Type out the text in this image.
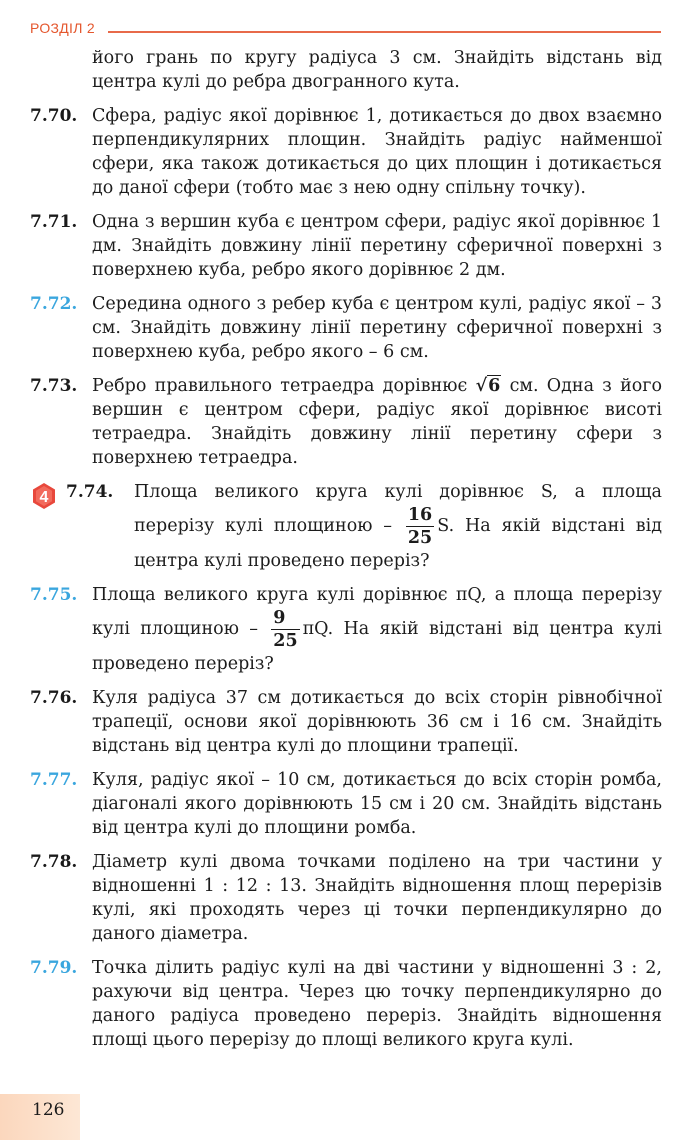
РОЗДІЛ 2
його грань по кругу радіуса 3 см. Знайдіть відстань від центра кулі до ребра двогранного кута.
7.70. Сфера, радіус якої дорівнює 1, дотикається до двох взаємно перпендикулярних площин. Знайдіть радіус найменшої сфери, яка також дотикається до цих площин і дотикається до даної сфери (тобто має з нею одну спільну точку).
7.71. Одна з вершин куба є центром сфери, радіус якої дорівнює 1 дм. Знайдіть довжину лінії перетину сферичної поверхні з поверхнею куба, ребро якого дорівнює 2 дм.
7.72. Середина одного з ребер куба є центром кулі, радіус якої – 3 см. Знайдіть довжину лінії перетину сферичної поверхні з поверхнею куба, ребро якого – 6 см.
7.73. Ребро правильного тетраедра дорівнює √6 см. Одна з його вершин є центром сфери, радіус якої дорівнює висоті тетраедра. Знайдіть довжину лінії перетину сфери з поверхнею тетраедра.
4	7.74.	Площа великого круга кулі дорівнює S, а площа перерізу кулі площиною – $\frac{16}{25} S$. На якій відстані від центра кулі проведено переріз?
7.75. Площа великого круга кулі дорівнює πQ, а площа перерізу кулі площиною – $\frac{9}{25} \pi Q$. На якій відстані від центра кулі проведено переріз?
7.76. Куля радіуса 37 см дотикається до всіх сторін рівнобічної трапеції, основи якої дорівнюють 36 см і 16 см. Знайдіть відстань від центра кулі до площини трапеції.
7.77. Куля, радіус якої – 10 см, дотикається до всіх сторін ромба, діагоналі якого дорівнюють 15 см і 20 см. Знайдіть відстань від центра кулі до площини ромба.
7.78. Діаметр кулі двома точками поділено на три частини у відношенні 1 : 12 : 13. Знайдіть відношення площ перерізів кулі, які проходять через ці точки перпендикулярно до даного діаметра.
7.79. Точка ділить радіус кулі на дві частини у відношенні 3 : 2, рахуючи від центра. Через цю точку перпендикулярно до даного радіуса проведено переріз. Знайдіть відношення площі цього перерізу до площі великого круга кулі.
126
